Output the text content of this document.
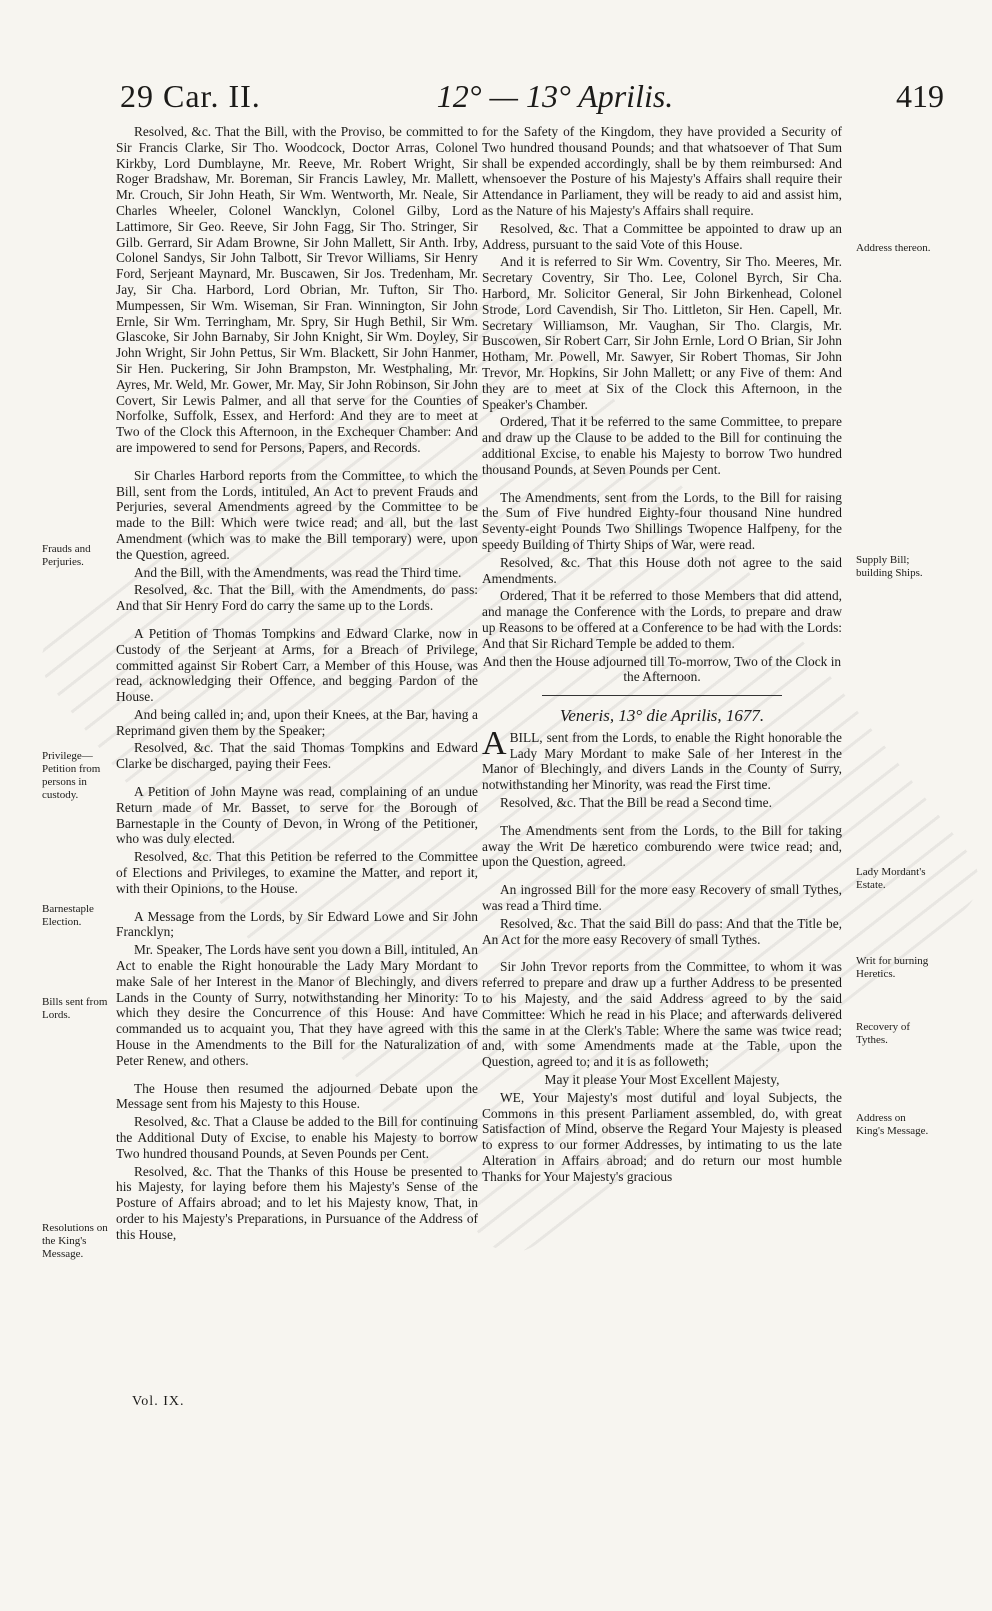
29 Car. II.	12° — 13° Aprilis.	419
Frauds and Perjuries.
Privilege—Petition from persons in custody.
Barnestaple Election.
Bills sent from Lords.
Resolutions on the King's Message.
Address thereon.
Supply Bill; building Ships.
Lady Mordant's Estate.
Writ for burning Heretics.
Recovery of Tythes.
Address on King's Message.

Resolved, &c. That the Bill, with the Proviso, be committed to Sir Francis Clarke, Sir Tho. Woodcock, Doctor Arras, Colonel Kirkby, Lord Dumblayne, Mr. Reeve, Mr. Robert Wright, Sir Roger Bradshaw, Mr. Boreman, Sir Francis Lawley, Mr. Mallett, Mr. Crouch, Sir John Heath, Sir Wm. Wentworth, Mr. Neale, Sir Charles Wheeler, Colonel Wancklyn, Colonel Gilby, Lord Lattimore, Sir Geo. Reeve, Sir John Fagg, Sir Tho. Stringer, Sir Gilb. Gerrard, Sir Adam Browne, Sir John Mallett, Sir Anth. Irby, Colonel Sandys, Sir John Talbott, Sir Trevor Williams, Sir Henry Ford, Serjeant Maynard, Mr. Buscawen, Sir Jos. Tredenham, Mr. Jay, Sir Cha. Harbord, Lord Obrian, Mr. Tufton, Sir Tho. Mumpessen, Sir Wm. Wiseman, Sir Fran. Winnington, Sir John Ernle, Sir Wm. Terringham, Mr. Spry, Sir Hugh Bethil, Sir Wm. Glascoke, Sir John Barnaby, Sir John Knight, Sir Wm. Doyley, Sir John Wright, Sir John Pettus, Sir Wm. Blackett, Sir John Hanmer, Sir Hen. Puckering, Sir John Brampston, Mr. Westphaling, Mr. Ayres, Mr. Weld, Mr. Gower, Mr. May, Sir John Robinson, Sir John Covert, Sir Lewis Palmer, and all that serve for the Counties of Norfolke, Suffolk, Essex, and Herford: And they are to meet at Two of the Clock this Afternoon, in the Exchequer Chamber: And are impowered to send for Persons, Papers, and Records.

Sir Charles Harbord reports from the Committee, to which the Bill, sent from the Lords, intituled, An Act to prevent Frauds and Perjuries, several Amendments agreed by the Committee to be made to the Bill: Which were twice read; and all, but the last Amendment (which was to make the Bill temporary) were, upon the Question, agreed.

And the Bill, with the Amendments, was read the Third time.

Resolved, &c. That the Bill, with the Amendments, do pass: And that Sir Henry Ford do carry the same up to the Lords.

A Petition of Thomas Tompkins and Edward Clarke, now in Custody of the Serjeant at Arms, for a Breach of Privilege, committed against Sir Robert Carr, a Member of this House, was read, acknowledging their Offence, and begging Pardon of the House.

And being called in; and, upon their Knees, at the Bar, having a Reprimand given them by the Speaker;

Resolved, &c. That the said Thomas Tompkins and Edward Clarke be discharged, paying their Fees.

A Petition of John Mayne was read, complaining of an undue Return made of Mr. Basset, to serve for the Borough of Barnestaple in the County of Devon, in Wrong of the Petitioner, who was duly elected.

Resolved, &c. That this Petition be referred to the Committee of Elections and Privileges, to examine the Matter, and report it, with their Opinions, to the House.

A Message from the Lords, by Sir Edward Lowe and Sir John Francklyn;

Mr. Speaker, The Lords have sent you down a Bill, intituled, An Act to enable the Right honourable the Lady Mary Mordant to make Sale of her Interest in the Manor of Blechingly, and divers Lands in the County of Surry, notwithstanding her Minority: To which they desire the Concurrence of this House: And have commanded us to acquaint you, That they have agreed with this House in the Amendments to the Bill for the Naturalization of Peter Renew, and others.

The House then resumed the adjourned Debate upon the Message sent from his Majesty to this House.

Resolved, &c. That a Clause be added to the Bill for continuing the Additional Duty of Excise, to enable his Majesty to borrow Two hundred thousand Pounds, at Seven Pounds per Cent.

Resolved, &c. That the Thanks of this House be presented to his Majesty, for laying before them his Majesty's Sense of the Posture of Affairs abroad; and to let his Majesty know, That, in order to his Majesty's Preparations, in Pursuance of the Address of this House,

for the Safety of the Kingdom, they have provided a Security of Two hundred thousand Pounds; and that whatsoever of That Sum shall be expended accordingly, shall be by them reimbursed: And whensoever the Posture of his Majesty's Affairs shall require their Attendance in Parliament, they will be ready to aid and assist him, as the Nature of his Majesty's Affairs shall require.

Resolved, &c. That a Committee be appointed to draw up an Address, pursuant to the said Vote of this House.

And it is referred to Sir Wm. Coventry, Sir Tho. Meeres, Mr. Secretary Coventry, Sir Tho. Lee, Colonel Byrch, Sir Cha. Harbord, Mr. Solicitor General, Sir John Birkenhead, Colonel Strode, Lord Cavendish, Sir Tho. Littleton, Sir Hen. Capell, Mr. Secretary Williamson, Mr. Vaughan, Sir Tho. Clargis, Mr. Buscowen, Sir Robert Carr, Sir John Ernle, Lord O Brian, Sir John Hotham, Mr. Powell, Mr. Sawyer, Sir Robert Thomas, Sir John Trevor, Mr. Hopkins, Sir John Mallett; or any Five of them: And they are to meet at Six of the Clock this Afternoon, in the Speaker's Chamber.

Ordered, That it be referred to the same Committee, to prepare and draw up the Clause to be added to the Bill for continuing the additional Excise, to enable his Majesty to borrow Two hundred thousand Pounds, at Seven Pounds per Cent.

The Amendments, sent from the Lords, to the Bill for raising the Sum of Five hundred Eighty-four thousand Nine hundred Seventy-eight Pounds Two Shillings Twopence Halfpeny, for the speedy Building of Thirty Ships of War, were read.

Resolved, &c. That this House doth not agree to the said Amendments.

Ordered, That it be referred to those Members that did attend, and manage the Conference with the Lords, to prepare and draw up Reasons to be offered at a Conference to be had with the Lords: And that Sir Richard Temple be added to them.

And then the House adjourned till To-morrow, Two of the Clock in the Afternoon.

Veneris, 13° die Aprilis, 1677.

ABILL, sent from the Lords, to enable the Right honorable the Lady Mary Mordant to make Sale of her Interest in the Manor of Blechingly, and divers Lands in the County of Surry, notwithstanding her Minority, was read the First time.

Resolved, &c. That the Bill be read a Second time.

The Amendments sent from the Lords, to the Bill for taking away the Writ De hæretico comburendo were twice read; and, upon the Question, agreed.

An ingrossed Bill for the more easy Recovery of small Tythes, was read a Third time.

Resolved, &c. That the said Bill do pass: And that the Title be, An Act for the more easy Recovery of small Tythes.

Sir John Trevor reports from the Committee, to whom it was referred to prepare and draw up a further Address to be presented to his Majesty, and the said Address agreed to by the said Committee: Which he read in his Place; and afterwards delivered the same in at the Clerk's Table: Where the same was twice read; and, with some Amendments made at the Table, upon the Question, agreed to; and it is as followeth;

May it please Your Most Excellent Majesty,

WE, Your Majesty's most dutiful and loyal Subjects, the Commons in this present Parliament assembled, do, with great Satisfaction of Mind, observe the Regard Your Majesty is pleased to express to our former Addresses, by intimating to us the late Alteration in Affairs abroad; and do return our most humble Thanks for Your Majesty's gracious

Vol. IX.
